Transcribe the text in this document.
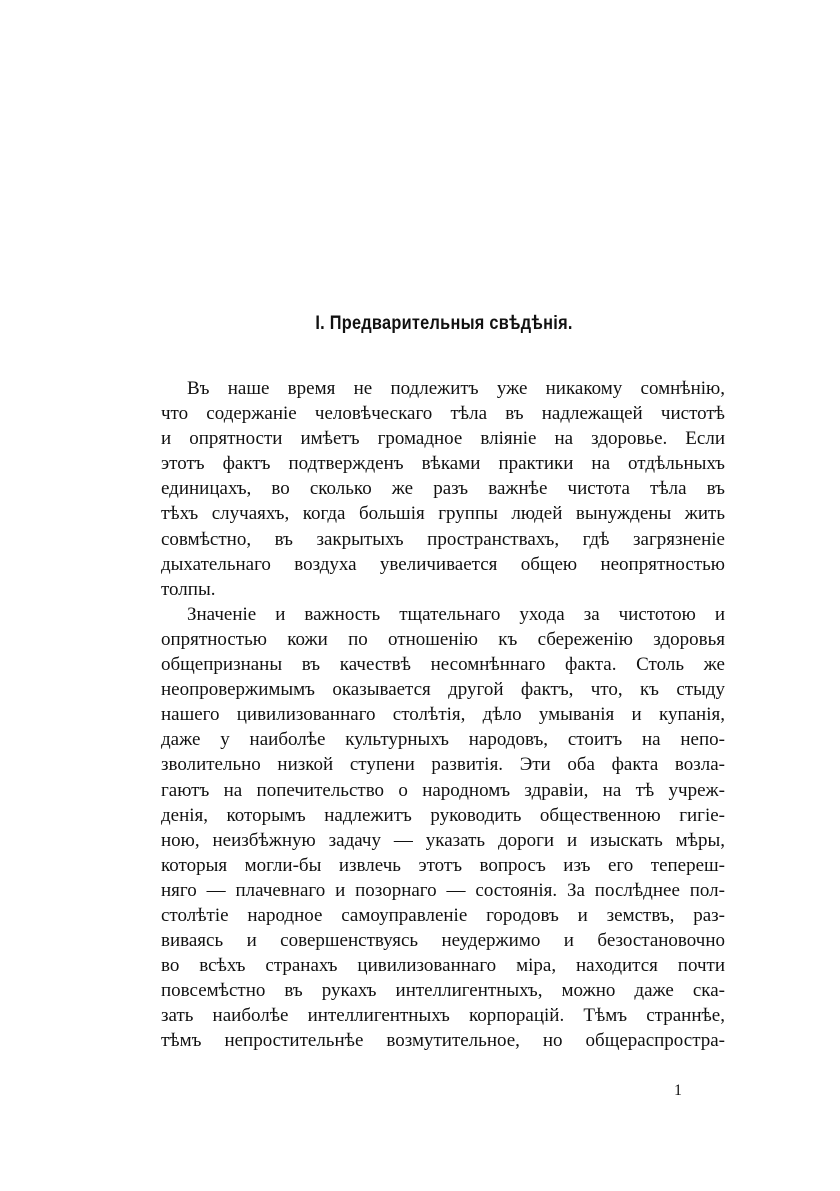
I. Предварительныя свѣдѣнія.
Въ наше время не подлежитъ уже никакому сомнѣнію,
что содержаніе человѣческаго тѣла въ надлежащей чистотѣ
и опрятности имѣетъ громадное вліяніе на здоровье. Если
этотъ фактъ подтвержденъ вѣками практики на отдѣльныхъ
единицахъ, во сколько же разъ важнѣе чистота тѣла въ
тѣхъ случаяхъ, когда большія группы людей вынуждены жить
совмѣстно, въ закрытыхъ пространствахъ, гдѣ загрязненіе
дыхательнаго воздуха увеличивается общею неопрятностью
толпы.
Значеніе и важность тщательнаго ухода за чистотою и
опрятностью кожи по отношенію къ сбереженію здоровья
общепризнаны въ качествѣ несомнѣннаго факта. Столь же
неопровержимымъ оказывается другой фактъ, что, къ стыду
нашего цивилизованнаго столѣтія, дѣло умыванія и купанія,
даже у наиболѣе культурныхъ народовъ, стоитъ на непо-
зволительно низкой ступени развитія. Эти оба факта возла-
гаютъ на попечительство о народномъ здравіи, на тѣ учреж-
денія, которымъ надлежитъ руководить общественною гигіе-
ною, неизбѣжную задачу — указать дороги и изыскать мѣры,
которыя могли-бы извлечь этотъ вопросъ изъ его теперeш-
няго — плачевнаго и позорнаго — состоянія. За послѣднее пол-
столѣтіе народное самоуправленіе городовъ и земствъ, раз-
виваясь и совершенствуясь неудержимо и безостановочно
во всѣхъ странахъ цивилизованнаго міра, находится почти
повсемѣстно въ рукахъ интеллигентныхъ, можно даже ска-
зать наиболѣе интеллигентныхъ корпорацій. Тѣмъ страннѣе,
тѣмъ непростительнѣе возмутительное, но общераспростра-
1
